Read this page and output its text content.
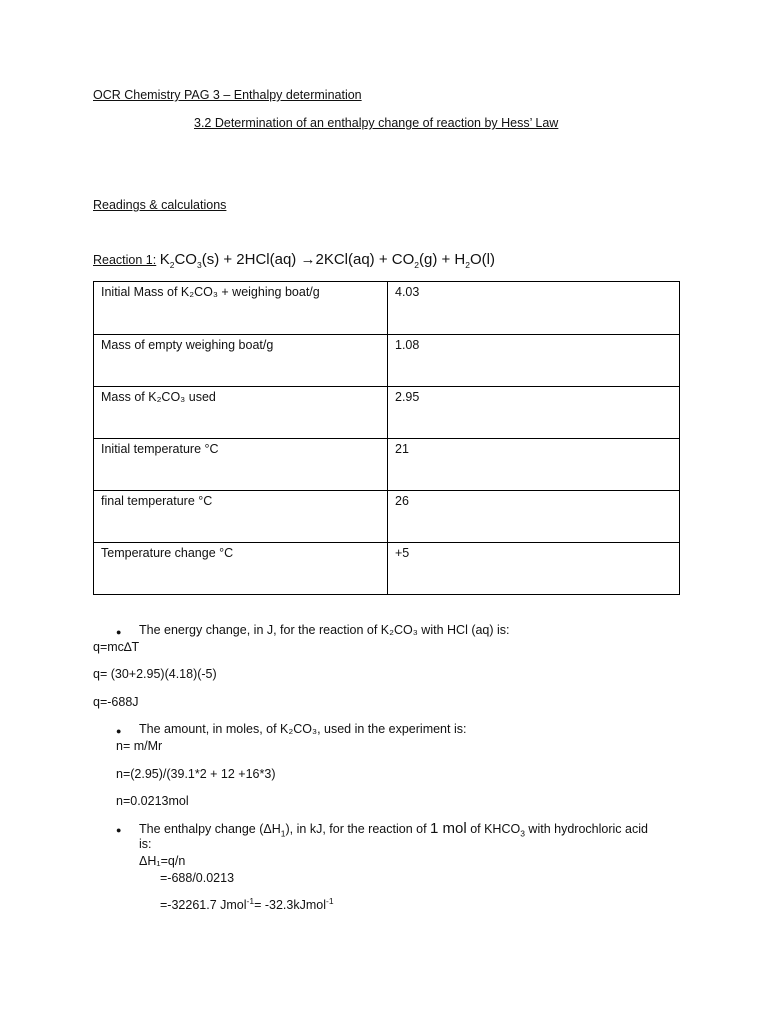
OCR Chemistry PAG 3 – Enthalpy determination
3.2 Determination of an enthalpy change of reaction by Hess’ Law
Readings & calculations
Reaction 1: $K_2CO_3(s) + 2HCl(aq) \to 2KCl(aq) + CO_2(g) + H_2O(l)$
Initial Mass of K₂CO₃ + weighing boat/g	4.03
Mass of empty weighing boat/g	1.08
Mass of K₂CO₃ used	2.95
Initial temperature °C	21
final temperature °C	26
Temperature change °C	+5
● The energy change, in J, for the reaction of K₂CO₃ with HCl (aq) is:
q=mc∆T
q= (30+2.95)(4.18)(-5)
q=-688J
● The amount, in moles, of K₂CO₃, used in the experiment is:
n= m/Mr
n=(2.95)/(39.1*2 + 12 +16*3)
n=0.0213mol
● The enthalpy change $(\Delta H_1)$, in kJ, for the reaction of 1 mol of $KHCO_3$ with hydrochloric acid
is:
ΔH₁=q/n
=-688/0.0213
=-32261.7 Jmol$^{-1}$= -32.3kJmol$^{-1}$
